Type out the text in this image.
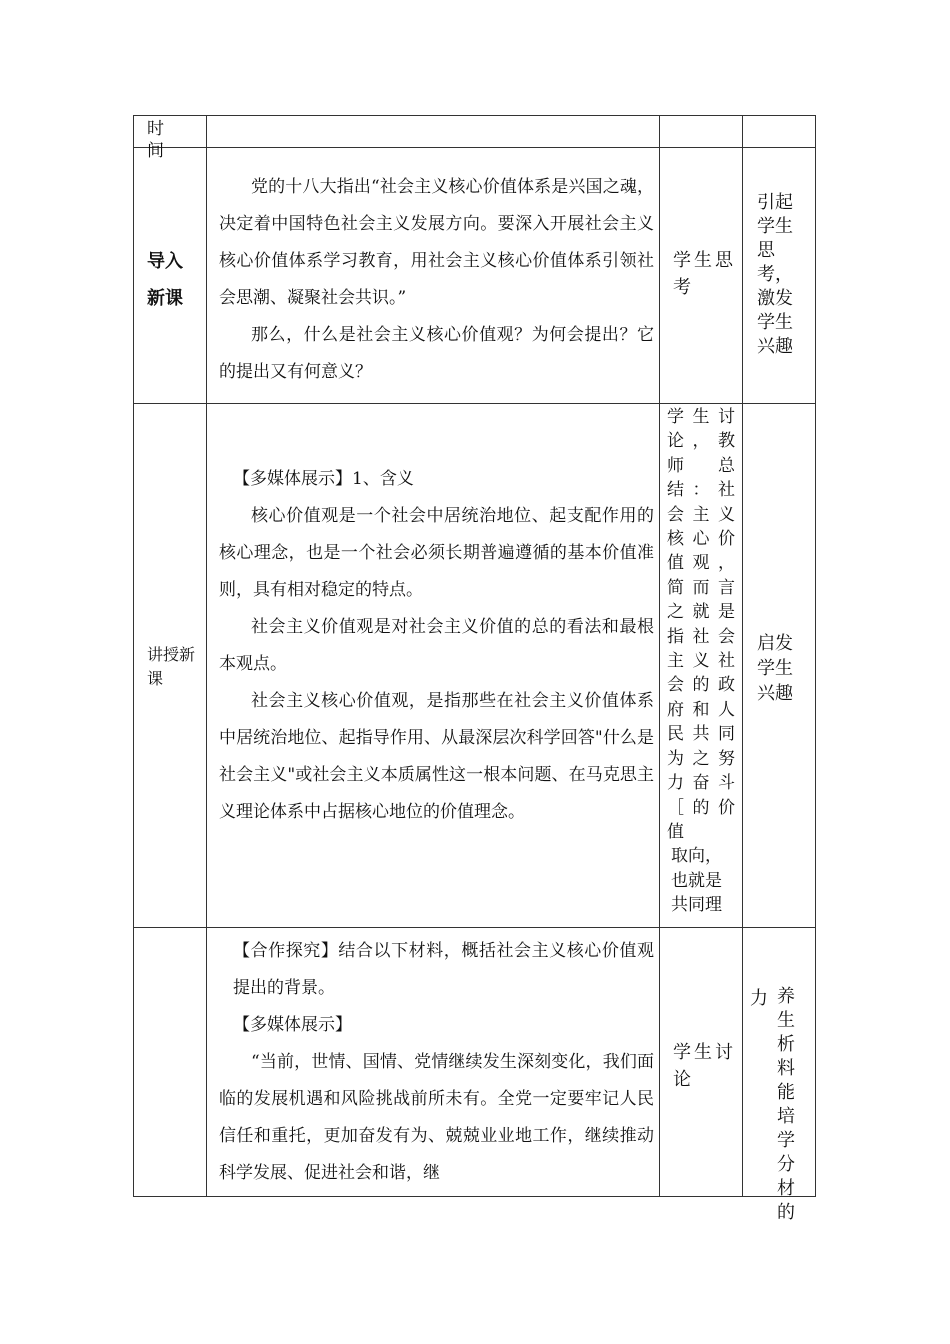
时间
导入
新课

党的十八大指出“社会主义核心价值体系是兴国之魂，决定着中国特色社会主义发展方向。要深入开展社会主义核心价值体系学习教育，用社会主义核心价值体系引领社会思潮、凝聚社会共识。”

那么，什么是社会主义核心价值观？为何会提出？它的提出又有何意义？

学生思考
引起学生思考，激发学生兴趣
讲授新课

【多媒体展示】1、含义

核心价值观是一个社会中居统治地位、起支配作用的核心理念，也是一个社会必须长期普遍遵循的基本价值准则，具有相对稳定的特点。

社会主义价值观是对社会主义价值的总的看法和最根本观点。

社会主义核心价值观，是指那些在社会主义价值体系中居统治地位、起指导作用、从最深层次科学回答"什么是社会主义"或社会主义本质属性这一根本问题、在马克思主义理论体系中占据核心地位的价值理念。

学 生 讨
论 ， 教
师
　 总
结 ： 社
会 主 义
核 心 价
值 观 ，
简 而 言
之 就 是
指 社 会
主 义 社
会 的 政
府 和 人
民 共 同
为 之 努
力 奋 斗
［ 的 价
值
取 向 ，
也 就 是
共 同 理
启发学生兴趣

【合作探究】结合以下材料，概括社会主义核心价值观提出的背景。

【多媒体展示】

“当前，世情、国情、党情继续发生深刻变化，我们面临的发展机遇和风险挑战前所未有。全党一定要牢记人民信任和重托，更加奋发有为、兢兢业业地工作，继续推动科学发展、促进社会和谐，继

学生讨论
力 养生析料能培学分材的
